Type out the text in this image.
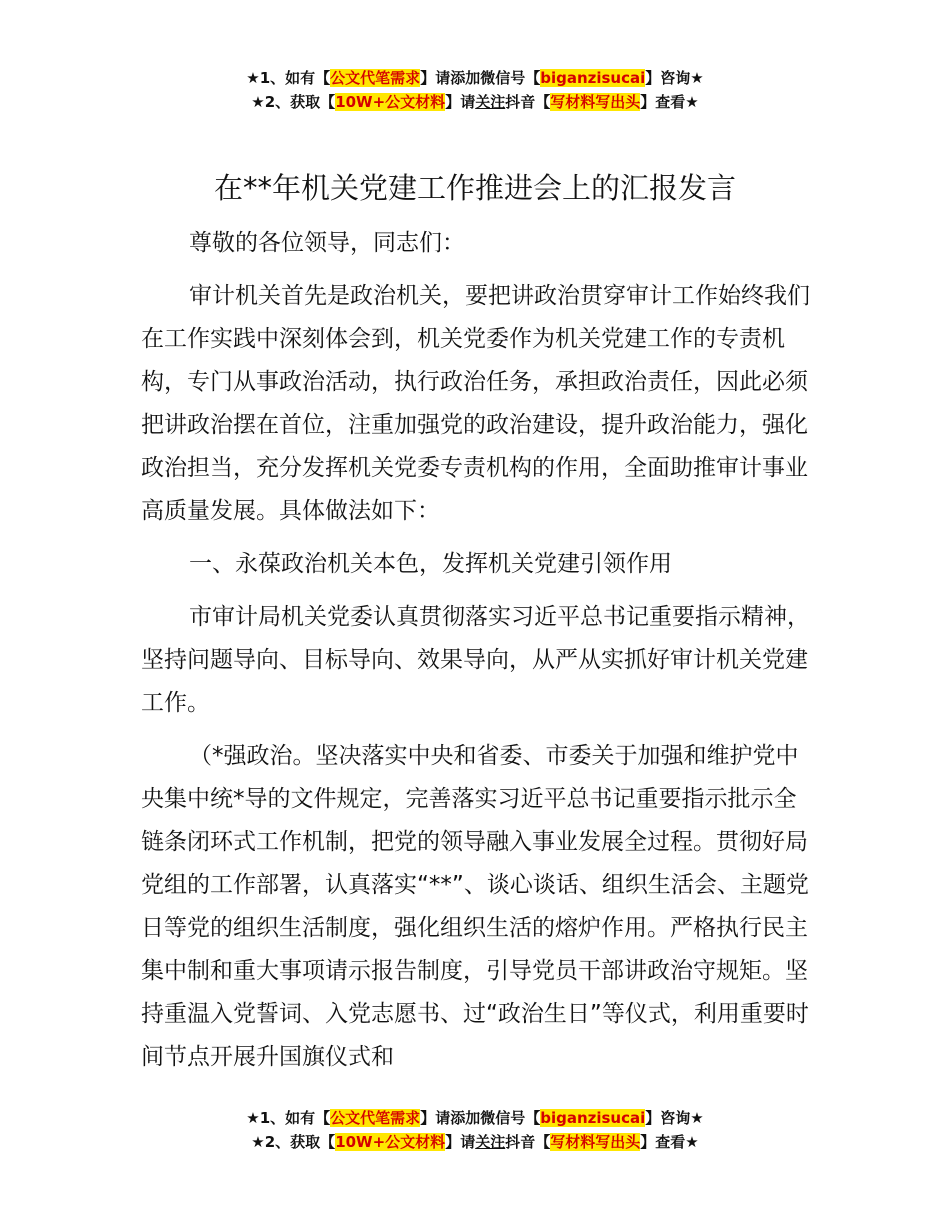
★1、如有【公文代笔需求】请添加微信号【biganzisucai】咨询★
★2、获取【10W+公文材料】请关注抖音【写材料写出头】查看★
在**年机关党建工作推进会上的汇报发言

尊敬的各位领导，同志们：

审计机关首先是政治机关，要把讲政治贯穿审计工作始终我们在工作实践中深刻体会到，机关党委作为机关党建工作的专责机构，专门从事政治活动，执行政治任务，承担政治责任，因此必须把讲政治摆在首位，注重加强党的政治建设，提升政治能力，强化政治担当，充分发挥机关党委专责机构的作用，全面助推审计事业高质量发展。具体做法如下：

一、永葆政治机关本色，发挥机关党建引领作用

市审计局机关党委认真贯彻落实习近平总书记重要指示精神，坚持问题导向、目标导向、效果导向，从严从实抓好审计机关党建工作。

（*强政治。坚决落实中央和省委、市委关于加强和维护党中央集中统*导的文件规定，完善落实习近平总书记重要指示批示全链条闭环式工作机制，把党的领导融入事业发展全过程。贯彻好局党组的工作部署，认真落实“**”、谈心谈话、组织生活会、主题党日等党的组织生活制度，强化组织生活的熔炉作用。严格执行民主集中制和重大事项请示报告制度，引导党员干部讲政治守规矩。坚持重温入党誓词、入党志愿书、过“政治生日”等仪式，利用重要时间节点开展升国旗仪式和

★1、如有【公文代笔需求】请添加微信号【biganzisucai】咨询★
★2、获取【10W+公文材料】请关注抖音【写材料写出头】查看★
